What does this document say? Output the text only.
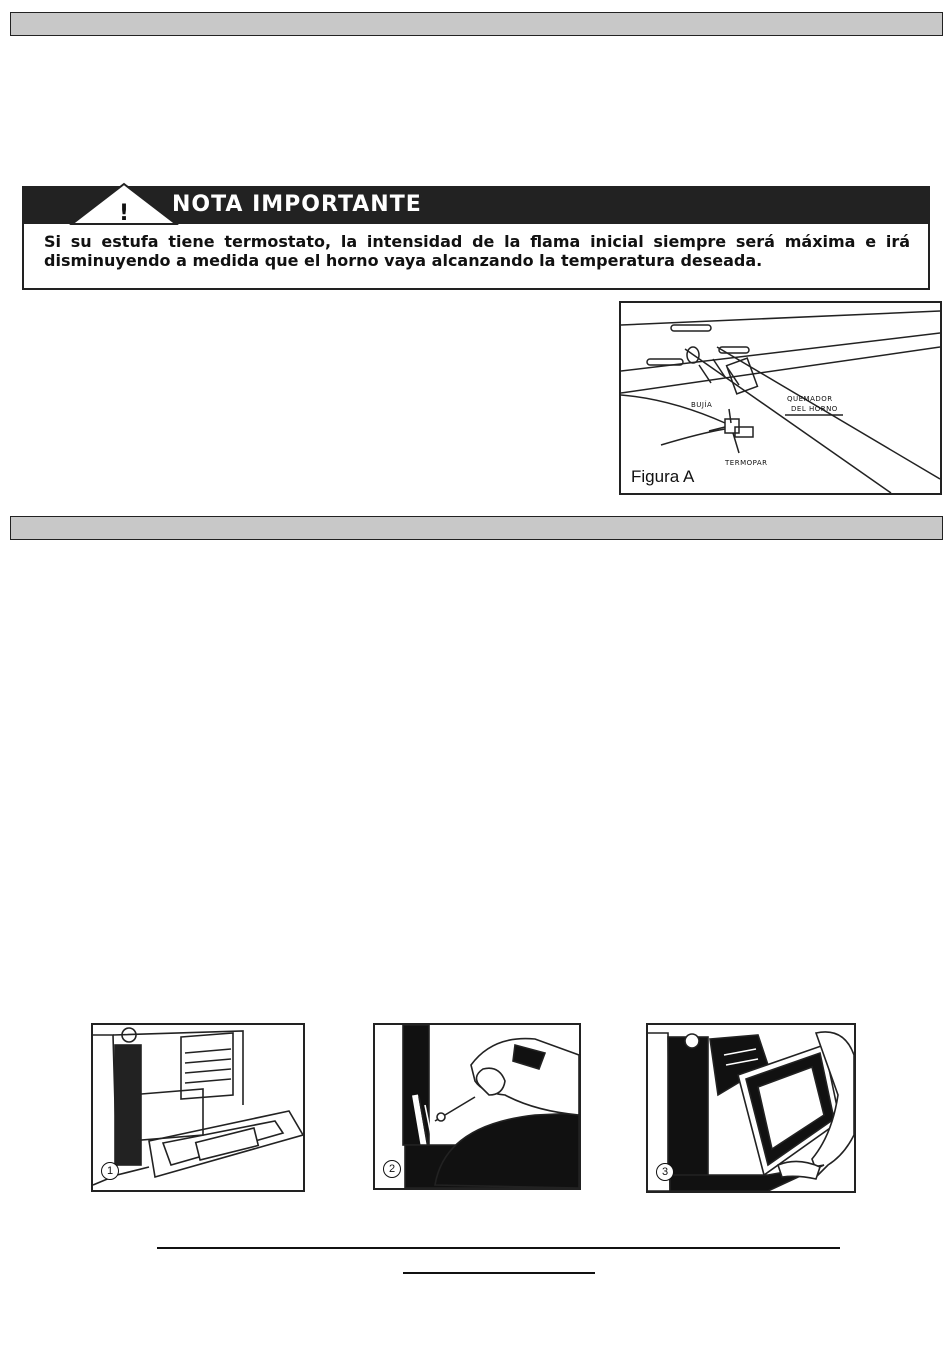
! NOTA IMPORTANTE
Si su estufa tiene termostato, la intensidad de la flama inicial siempre será máxima e irá disminuyendo a medida que el horno vaya alcanzando la temperatura deseada.
QUEMADOR
DEL HORNO
BUJÍA
TERMOPAR
Figura A
1	2	3
